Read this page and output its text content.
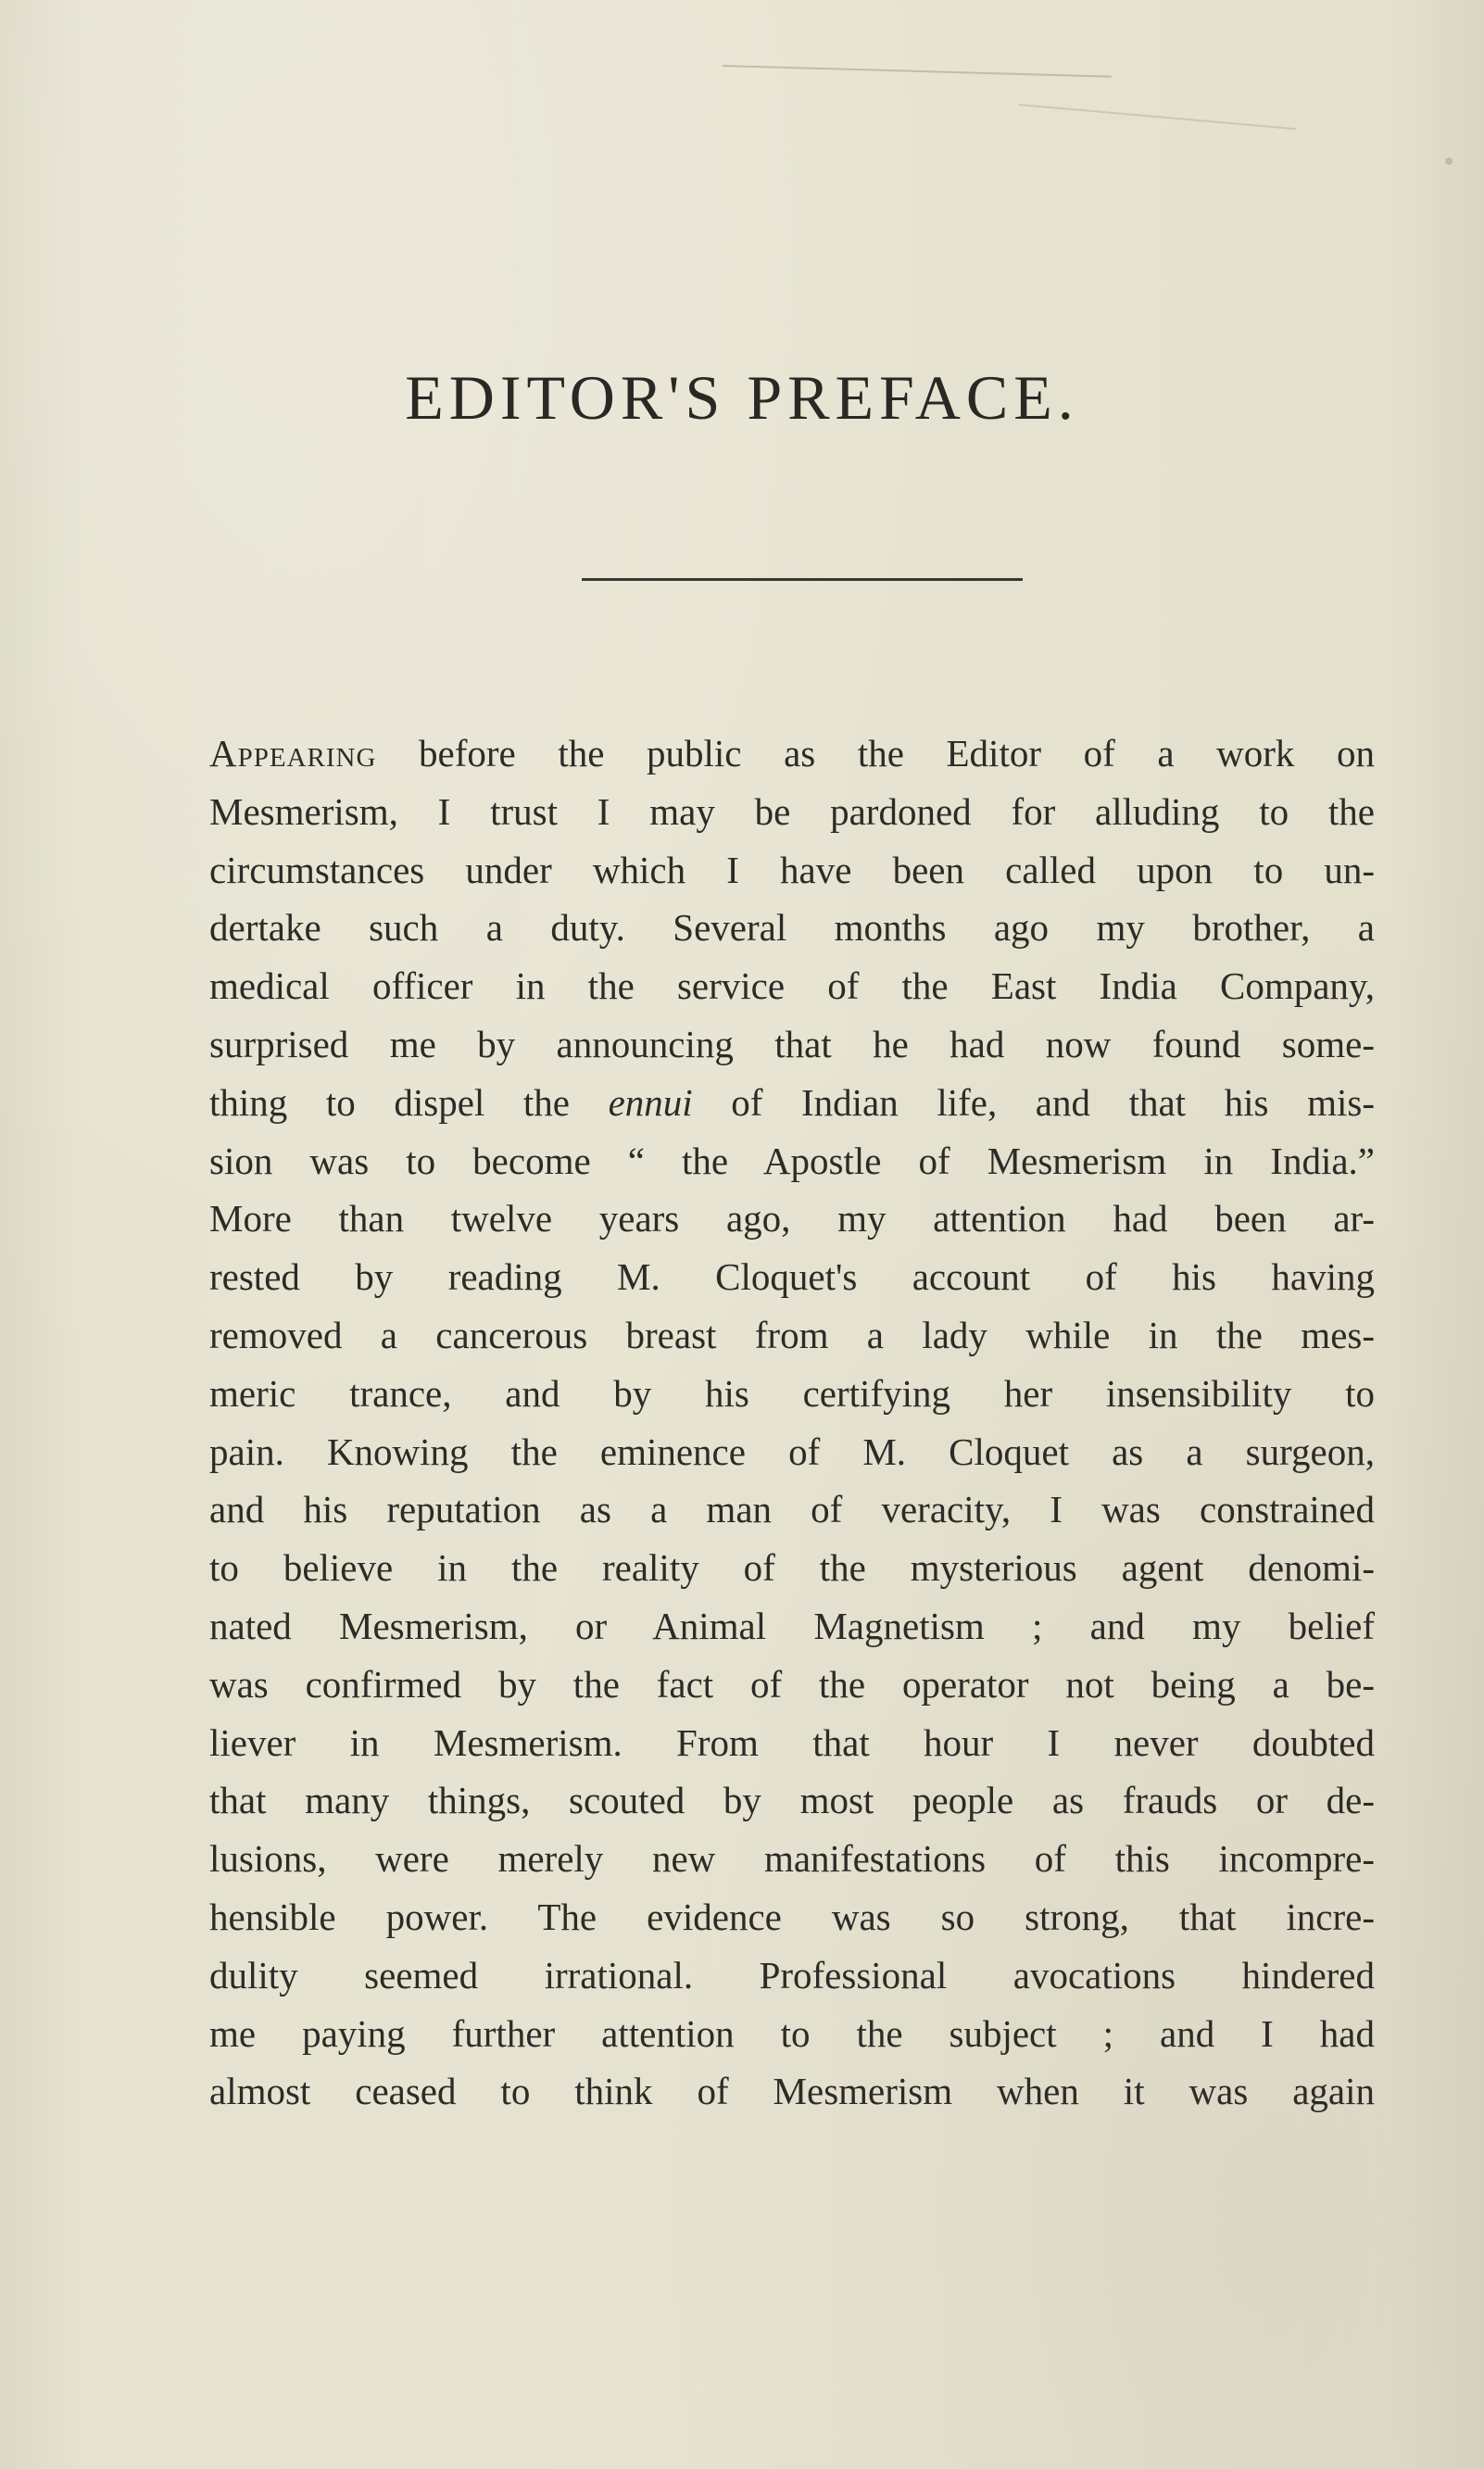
EDITOR'S PREFACE.
Appearing before the public as the Editor of a work on
Mesmerism, I trust I may be pardoned for alluding to the
circumstances under which I have been called upon to un-
dertake such a duty. Several months ago my brother, a
medical officer in the service of the East India Company,
surprised me by announcing that he had now found some-
thing to dispel the ennui of Indian life, and that his mis-
sion was to become “ the Apostle of Mesmerism in India.”
More than twelve years ago, my attention had been ar-
rested by reading M. Cloquet's account of his having
removed a cancerous breast from a lady while in the mes-
meric trance, and by his certifying her insensibility to
pain. Knowing the eminence of M. Cloquet as a surgeon,
and his reputation as a man of veracity, I was constrained
to believe in the reality of the mysterious agent denomi-
nated Mesmerism, or Animal Magnetism ; and my belief
was confirmed by the fact of the operator not being a be-
liever in Mesmerism. From that hour I never doubted
that many things, scouted by most people as frauds or de-
lusions, were merely new manifestations of this incompre-
hensible power. The evidence was so strong, that incre-
dulity seemed irrational. Professional avocations hindered
me paying further attention to the subject ; and I had
almost ceased to think of Mesmerism when it was again
